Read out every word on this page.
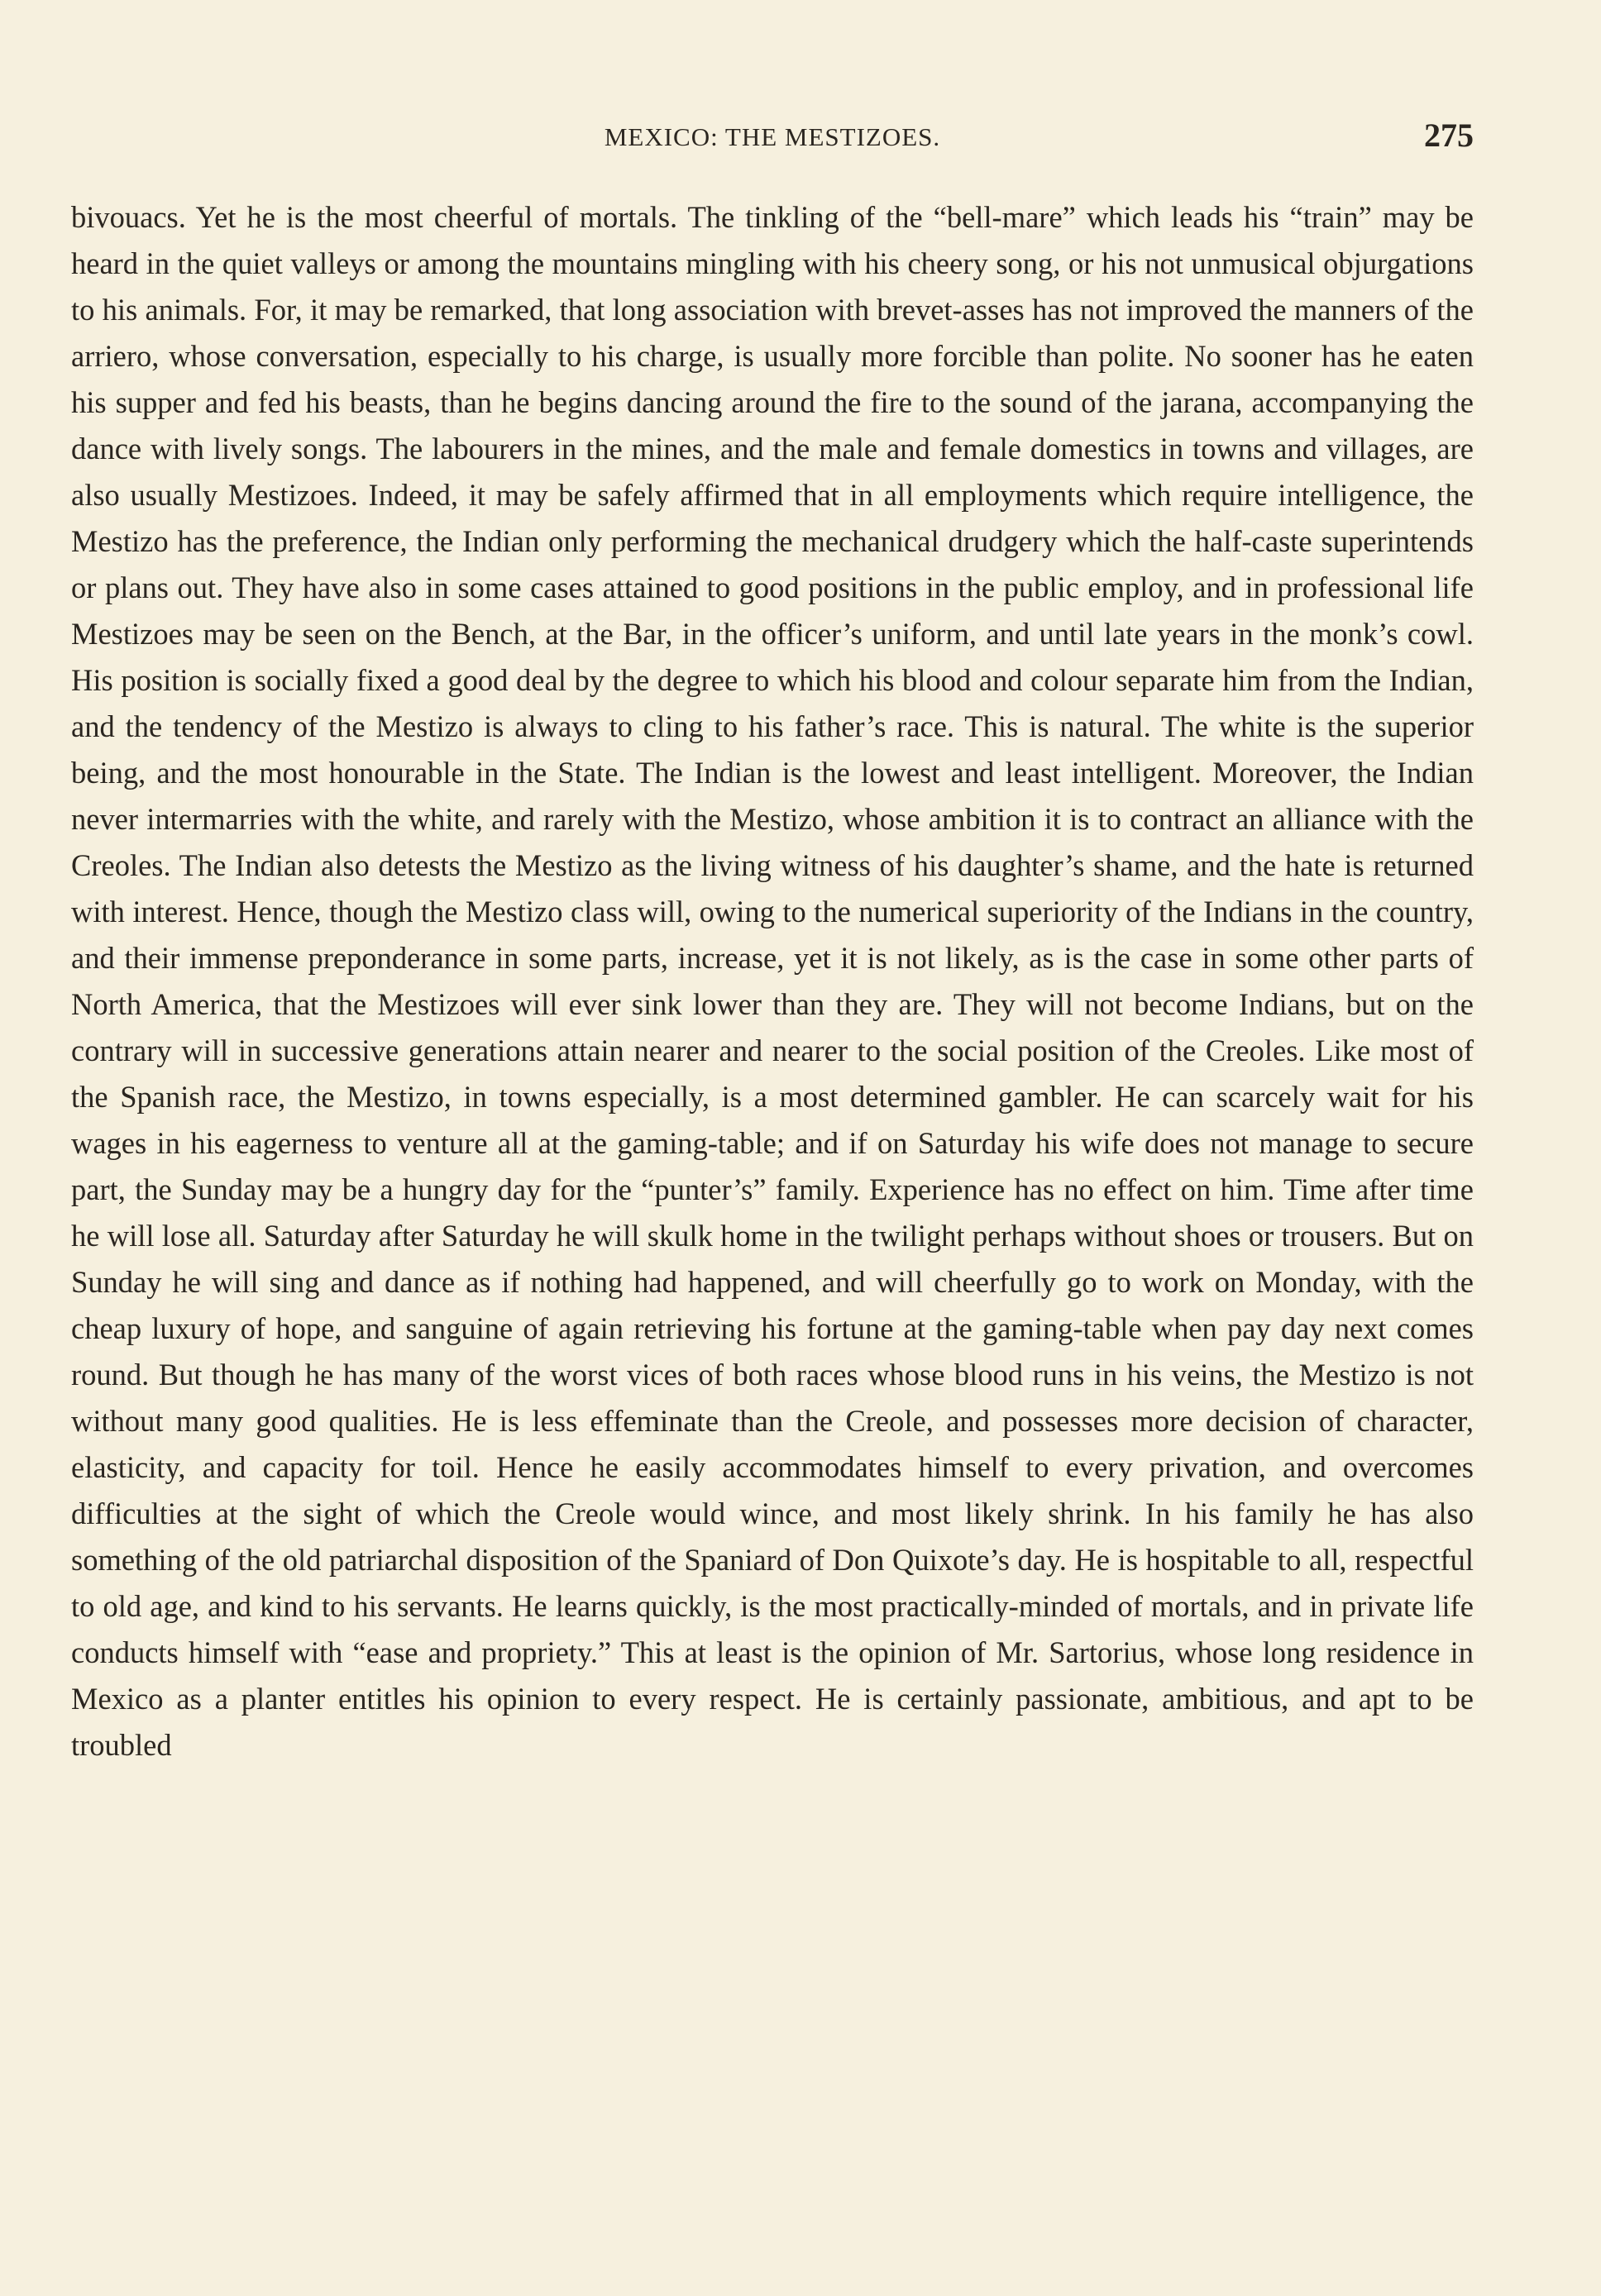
MEXICO: THE MESTIZOES.	275

bivouacs. Yet he is the most cheerful of mortals. The tinkling of the “bell-mare” which leads his “train” may be heard in the quiet valleys or among the mountains mingling with his cheery song, or his not unmusical objurgations to his animals. For, it may be remarked, that long association with brevet-asses has not improved the manners of the arriero, whose conversation, especially to his charge, is usually more forcible than polite. No sooner has he eaten his supper and fed his beasts, than he begins dancing around the fire to the sound of the jarana, accompanying the dance with lively songs. The labourers in the mines, and the male and female domestics in towns and villages, are also usually Mestizoes. Indeed, it may be safely affirmed that in all employments which require intelligence, the Mestizo has the preference, the Indian only performing the mechanical drudgery which the half-caste superintends or plans out. They have also in some cases attained to good positions in the public employ, and in professional life Mestizoes may be seen on the Bench, at the Bar, in the officer’s uniform, and until late years in the monk’s cowl. His position is socially fixed a good deal by the degree to which his blood and colour separate him from the Indian, and the tendency of the Mestizo is always to cling to his father’s race. This is natural. The white is the superior being, and the most honourable in the State. The Indian is the lowest and least intelligent. Moreover, the Indian never intermarries with the white, and rarely with the Mestizo, whose ambition it is to contract an alliance with the Creoles. The Indian also detests the Mestizo as the living witness of his daughter’s shame, and the hate is returned with interest. Hence, though the Mestizo class will, owing to the numerical superiority of the Indians in the country, and their immense preponderance in some parts, increase, yet it is not likely, as is the case in some other parts of North America, that the Mestizoes will ever sink lower than they are. They will not become Indians, but on the contrary will in successive generations attain nearer and nearer to the social position of the Creoles. Like most of the Spanish race, the Mestizo, in towns especially, is a most determined gambler. He can scarcely wait for his wages in his eagerness to venture all at the gaming-table; and if on Saturday his wife does not manage to secure part, the Sunday may be a hungry day for the “punter’s” family. Experience has no effect on him. Time after time he will lose all. Saturday after Saturday he will skulk home in the twilight perhaps without shoes or trousers. But on Sunday he will sing and dance as if nothing had happened, and will cheerfully go to work on Monday, with the cheap luxury of hope, and sanguine of again retrieving his fortune at the gaming-table when pay day next comes round. But though he has many of the worst vices of both races whose blood runs in his veins, the Mestizo is not without many good qualities. He is less effeminate than the Creole, and possesses more decision of character, elasticity, and capacity for toil. Hence he easily accommodates himself to every privation, and overcomes difficulties at the sight of which the Creole would wince, and most likely shrink. In his family he has also something of the old patriarchal disposition of the Spaniard of Don Quixote’s day. He is hospitable to all, respectful to old age, and kind to his servants. He learns quickly, is the most practically-minded of mortals, and in private life conducts himself with “ease and propriety.” This at least is the opinion of Mr. Sartorius, whose long residence in Mexico as a planter entitles his opinion to every respect. He is certainly passionate, ambitious, and apt to be troubled
